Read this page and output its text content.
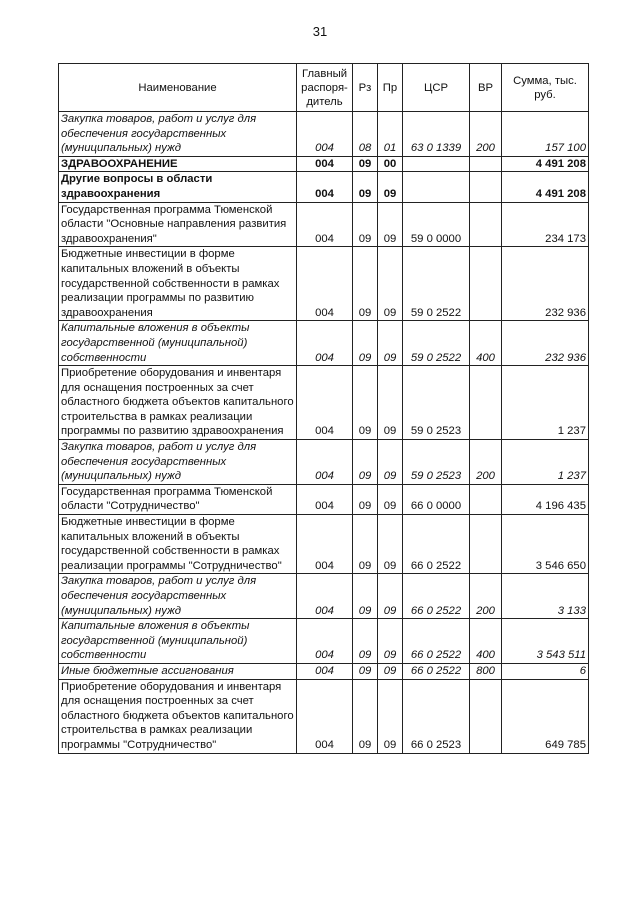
31
Наименование	Главный распоря-дитель	Рз	Пр	ЦСР	ВР	Сумма, тыс. руб.
Закупка товаров, работ и услуг для обеспечения государственных (муниципальных) нужд	004	08	01	63 0 1339	200	157 100
ЗДРАВООХРАНЕНИЕ	004	09	00			4 491 208
Другие вопросы в области здравоохранения	004	09	09			4 491 208
Государственная программа Тюменской области "Основные направления развития здравоохранения"	004	09	09	59 0 0000		234 173
Бюджетные инвестиции в форме капитальных вложений в объекты государственной собственности в рамках реализации программы по развитию здравоохранения	004	09	09	59 0 2522		232 936
Капитальные вложения в объекты государственной (муниципальной) собственности	004	09	09	59 0 2522	400	232 936
Приобретение оборудования и инвентаря для оснащения построенных за счет областного бюджета объектов капитального строительства в рамках реализации программы по развитию здравоохранения	004	09	09	59 0 2523		1 237
Закупка товаров, работ и услуг для обеспечения государственных (муниципальных) нужд	004	09	09	59 0 2523	200	1 237
Государственная программа Тюменской области "Сотрудничество"	004	09	09	66 0 0000		4 196 435
Бюджетные инвестиции в форме капитальных вложений в объекты государственной собственности в рамках реализации программы "Сотрудничество"	004	09	09	66 0 2522		3 546 650
Закупка товаров, работ и услуг для обеспечения государственных (муниципальных) нужд	004	09	09	66 0 2522	200	3 133
Капитальные вложения в объекты государственной (муниципальной) собственности	004	09	09	66 0 2522	400	3 543 511
Иные бюджетные ассигнования	004	09	09	66 0 2522	800	6
Приобретение оборудования и инвентаря для оснащения построенных за счет областного бюджета объектов капитального строительства в рамках реализации программы "Сотрудничество"	004	09	09	66 0 2523		649 785
